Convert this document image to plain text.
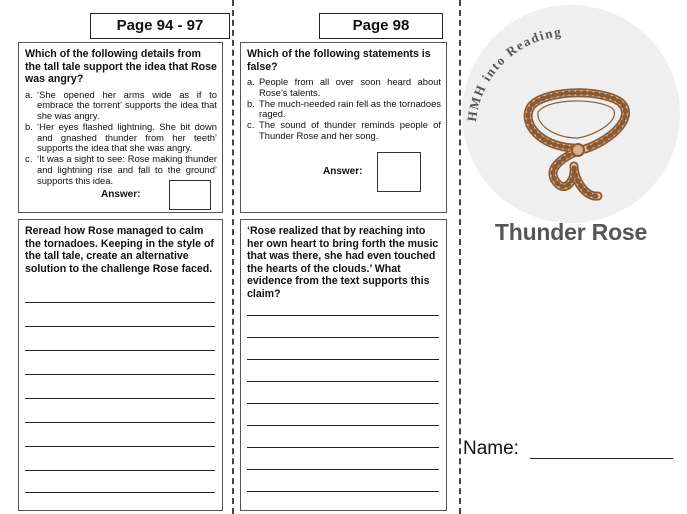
Page 94 - 97

Which of the following details from the tall tale support the idea that Rose was angry?

a. ‘She opened her arms wide as if to embrace the torrent’ supports the idea that she was angry.
b. ‘Her eyes flashed lightning. She bit down and gnashed thunder from her teeth’ supports the idea that she was angry.
c. ‘It was a sight to see: Rose making thunder and lightning rise and fall to the ground’ supports this idea.
Answer:

Reread how Rose managed to calm the tornadoes. Keeping in the style of the tall tale, create an alternative solution to the challenge Rose faced.

Page 98

Which of the following statements is false?

a. People from all over soon heard about Rose’s talents.
b. The much-needed rain fell as the tornadoes raged.
c. The sound of thunder reminds people of Thunder Rose and her song.
Answer:

‘Rose realized that by reaching into her own heart to bring forth the music that was there, she had even touched the hearts of the clouds.’ What evidence from the text supports this claim?

HMH into Reading
Thunder Rose
Name:
